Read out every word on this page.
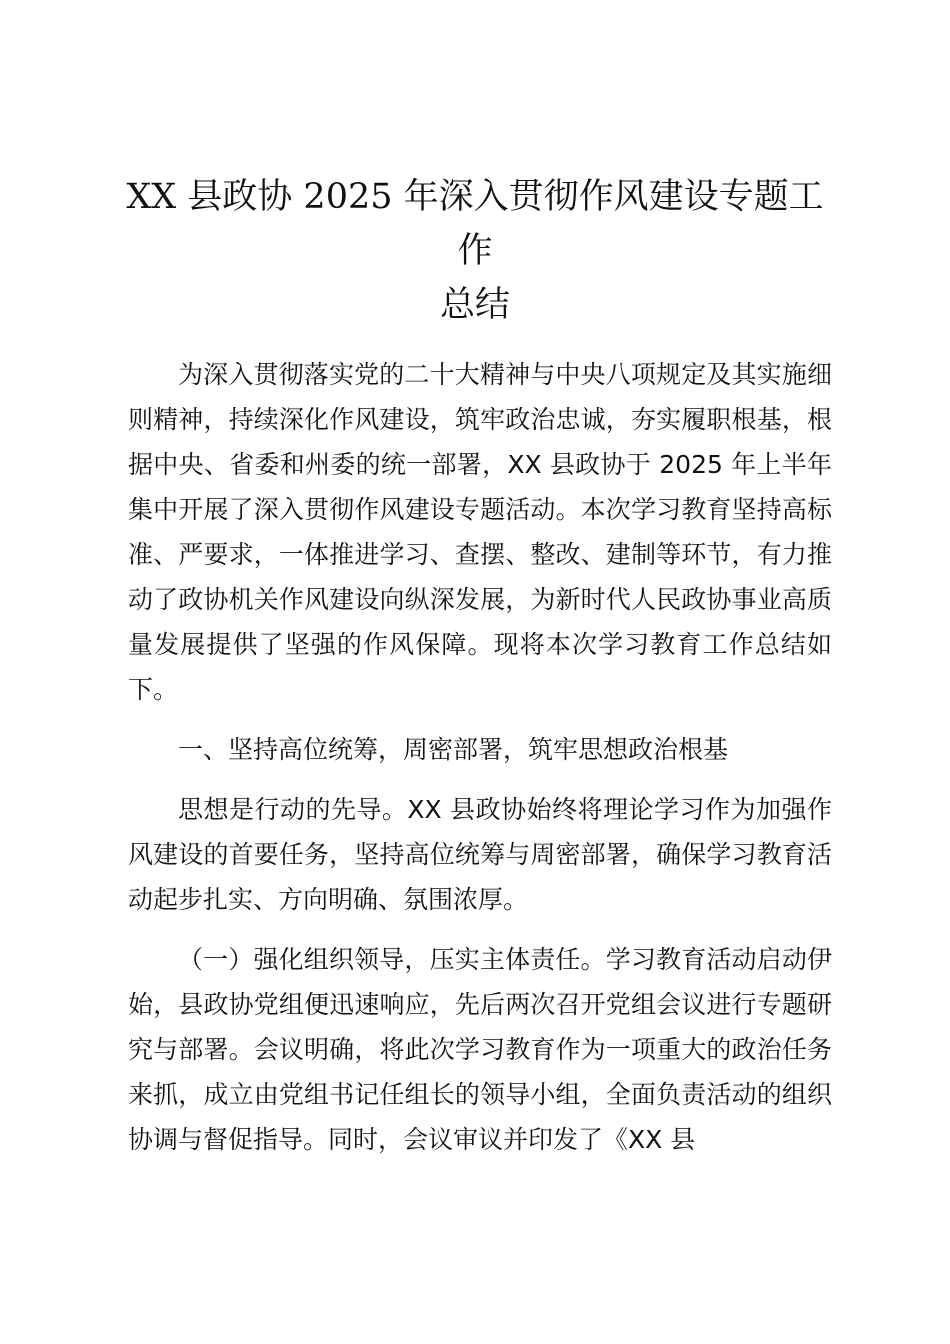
XX 县政协 2025 年深入贯彻作风建设专题工作
总结

为深入贯彻落实党的二十大精神与中央八项规定及其实施细则精神，持续深化作风建设，筑牢政治忠诚，夯实履职根基，根据中央、省委和州委的统一部署，XX 县政协于 2025 年上半年集中开展了深入贯彻作风建设专题活动。本次学习教育坚持高标准、严要求，一体推进学习、查摆、整改、建制等环节，有力推动了政协机关作风建设向纵深发展，为新时代人民政协事业高质量发展提供了坚强的作风保障。现将本次学习教育工作总结如下。

一、坚持高位统筹，周密部署，筑牢思想政治根基

思想是行动的先导。XX 县政协始终将理论学习作为加强作风建设的首要任务，坚持高位统筹与周密部署，确保学习教育活动起步扎实、方向明确、氛围浓厚。

（一）强化组织领导，压实主体责任。学习教育活动启动伊始，县政协党组便迅速响应，先后两次召开党组会议进行专题研究与部署。会议明确，将此次学习教育作为一项重大的政治任务来抓，成立由党组书记任组长的领导小组，全面负责活动的组织协调与督促指导。同时，会议审议并印发了《XX 县
